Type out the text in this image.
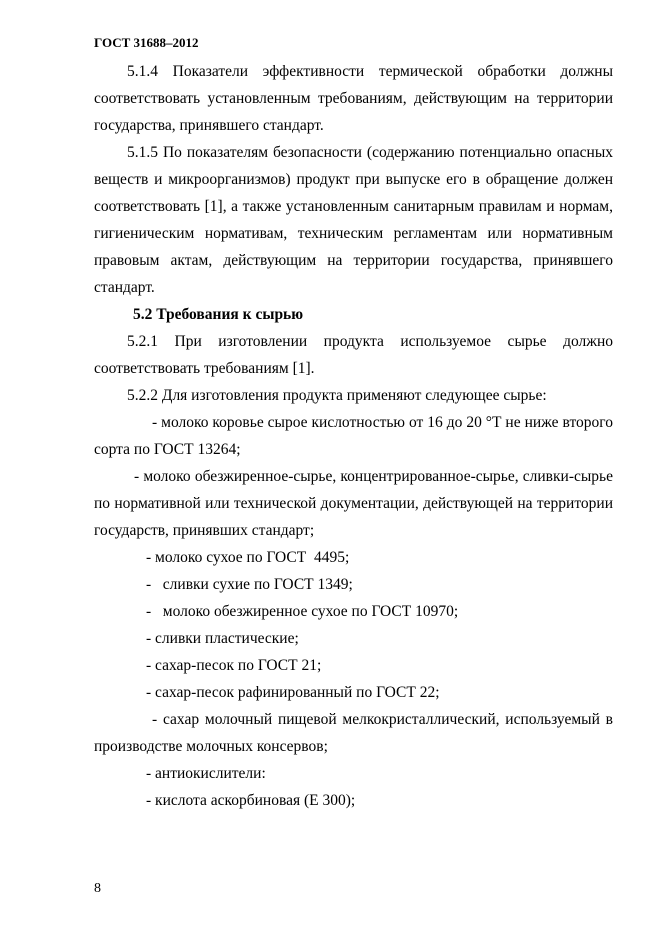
ГОСТ 31688–2012

5.1.4 Показатели эффективности термической обработки должны соответствовать установленным требованиям, действующим на территории государства, принявшего стандарт.

5.1.5 По показателям безопасности (содержанию потенциально опасных веществ и микроорганизмов) продукт при выпуске его в обращение должен соответствовать [1], а также установленным санитарным правилам и нормам, гигиеническим нормативам, техническим регламентам или нормативным правовым актам, действующим на территории государства, принявшего стандарт.

5.2 Требования к сырью

5.2.1 При изготовлении продукта используемое сырье должно соответствовать требованиям [1].

5.2.2 Для изготовления продукта применяют следующее сырье:

- молоко коровье сырое кислотностью от 16 до 20 °Т не ниже второго сорта по ГОСТ 13264;

- молоко обезжиренное-сырье, концентрированное-сырье, сливки-сырье по нормативной или технической документации, действующей на территории государств, принявших стандарт;

- молоко сухое по ГОСТ  4495;

-   сливки сухие по ГОСТ 1349;

-   молоко обезжиренное сухое по ГОСТ 10970;

- сливки пластические;

- сахар-песок по ГОСТ 21;

- сахар-песок рафинированный по ГОСТ 22;

- сахар молочный пищевой мелкокристаллический, используемый в производстве молочных консервов;

- антиокислители:

- кислота аскорбиновая (Е 300);

8
